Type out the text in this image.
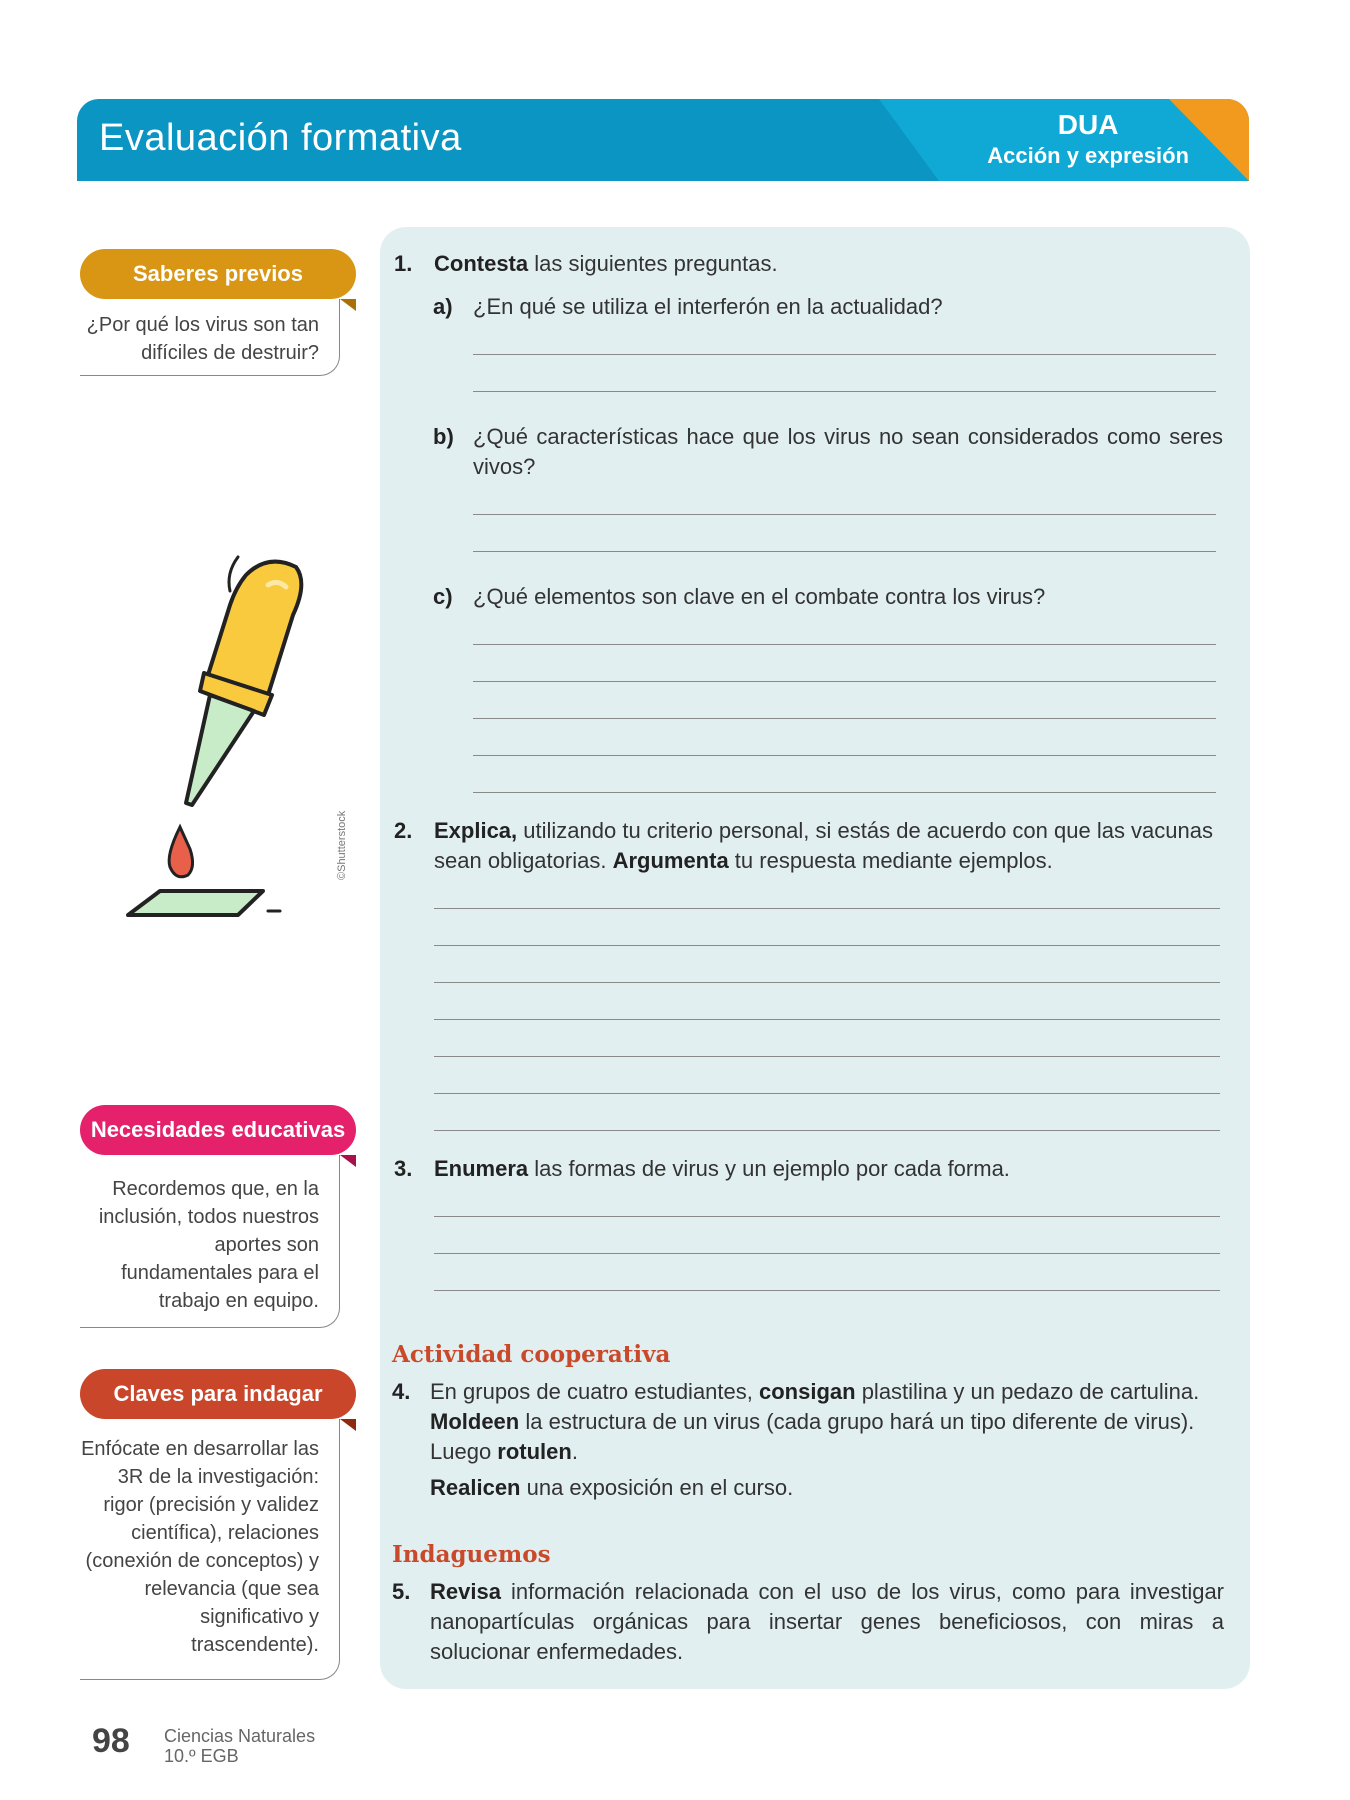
Evaluación formativa	DUA
Acción y expresión
Saberes previos
¿Por qué los virus son tan difíciles de destruir?
©Shutterstock
Necesidades educativas
Recordemos que, en la inclusión, todos nuestros aportes son fundamentales para el trabajo en equipo.
Claves para indagar
Enfócate en desarrollar las 3R de la investigación: rigor (precisión y validez científica), relaciones (conexión de conceptos) y relevancia (que sea significativo y trascendente).
1. Contesta las siguientes preguntas.
a) ¿En qué se utiliza el interferón en la actualidad?
b) ¿Qué características hace que los virus no sean considerados como seres vivos?
c) ¿Qué elementos son clave en el combate contra los virus?
2. Explica, utilizando tu criterio personal, si estás de acuerdo con que las vacunas sean obligatorias. Argumenta tu respuesta mediante ejemplos.
3. Enumera las formas de virus y un ejemplo por cada forma.
Actividad cooperativa
4. En grupos de cuatro estudiantes, consigan plastilina y un pedazo de cartulina. Moldeen la estructura de un virus (cada grupo hará un tipo diferente de virus). Luego rotulen.
Realicen una exposición en el curso.
Indaguemos
5. Revisa información relacionada con el uso de los virus, como para investigar nanopartículas orgánicas para insertar genes beneficiosos, con miras a solucionar enfermedades.
98 Ciencias Naturales
10.º EGB
